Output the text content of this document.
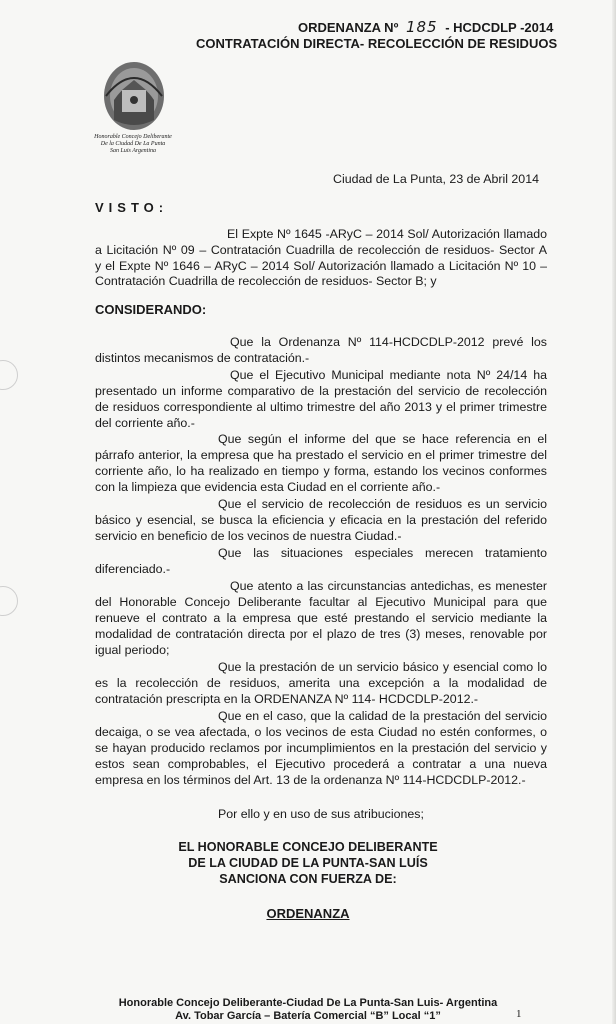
ORDENANZA Nº 185 - HCDCDLP -2014
CONTRATACIÓN DIRECTA- RECOLECCIÓN DE RESIDUOS
Honorable Concejo Deliberante
De la Ciudad De La Punta
San Luis Argentina
Ciudad de La Punta, 23 de Abril 2014
VISTO:
El Expte Nº 1645 -ARyC – 2014 Sol/ Autorización llamado
a Licitación Nº 09 – Contratación Cuadrilla de recolección de residuos- Sector A
y el Expte Nº 1646 – ARyC – 2014 Sol/ Autorización llamado a Licitación Nº 10 –
Contratación Cuadrilla de recolección de residuos- Sector B; y
CONSIDERANDO:
Que la Ordenanza Nº 114-HCDCDLP-2012 prevé los
distintos mecanismos de contratación.-
Que el Ejecutivo Municipal mediante nota Nº 24/14 ha
presentado un informe comparativo de la prestación del servicio de recolección
de residuos correspondiente al ultimo trimestre del año 2013 y el primer trimestre
del corriente año.-
Que según el informe del que se hace referencia en el
párrafo anterior, la empresa que ha prestado el servicio en el primer trimestre del
corriente año, lo ha realizado en tiempo y forma, estando los vecinos conformes
con la limpieza que evidencia esta Ciudad en el corriente año.-
Que el servicio de recolección de residuos es un servicio
básico y esencial, se busca la eficiencia y eficacia en la prestación del referido
servicio en beneficio de los vecinos de nuestra Ciudad.-
Que las situaciones especiales merecen tratamiento
diferenciado.-
Que atento a las circunstancias antedichas, es menester
del Honorable Concejo Deliberante facultar al Ejecutivo Municipal para que
renueve el contrato a la empresa que esté prestando el servicio mediante la
modalidad de contratación directa por el plazo de tres (3) meses, renovable por
igual periodo;
Que la prestación de un servicio básico y esencial como lo
es la recolección de residuos, amerita una excepción a la modalidad de
contratación prescripta en la ORDENANZA Nº 114- HCDCDLP-2012.-
Que en el caso, que la calidad de la prestación del servicio
decaiga, o se vea afectada, o los vecinos de esta Ciudad no estén conformes, o
se hayan producido reclamos por incumplimientos en la prestación del servicio y
estos sean comprobables, el Ejecutivo procederá a contratar a una nueva
empresa en los términos del Art. 13 de la ordenanza Nº 114-HCDCDLP-2012.-
Por ello y en uso de sus atribuciones;
EL HONORABLE CONCEJO DELIBERANTE
DE LA CIUDAD DE LA PUNTA-SAN LUÍS
SANCIONA CON FUERZA DE:
ORDENANZA
Honorable Concejo Deliberante-Ciudad De La Punta-San Luis- Argentina
Av. Tobar García – Batería Comercial “B” Local “1”	1
